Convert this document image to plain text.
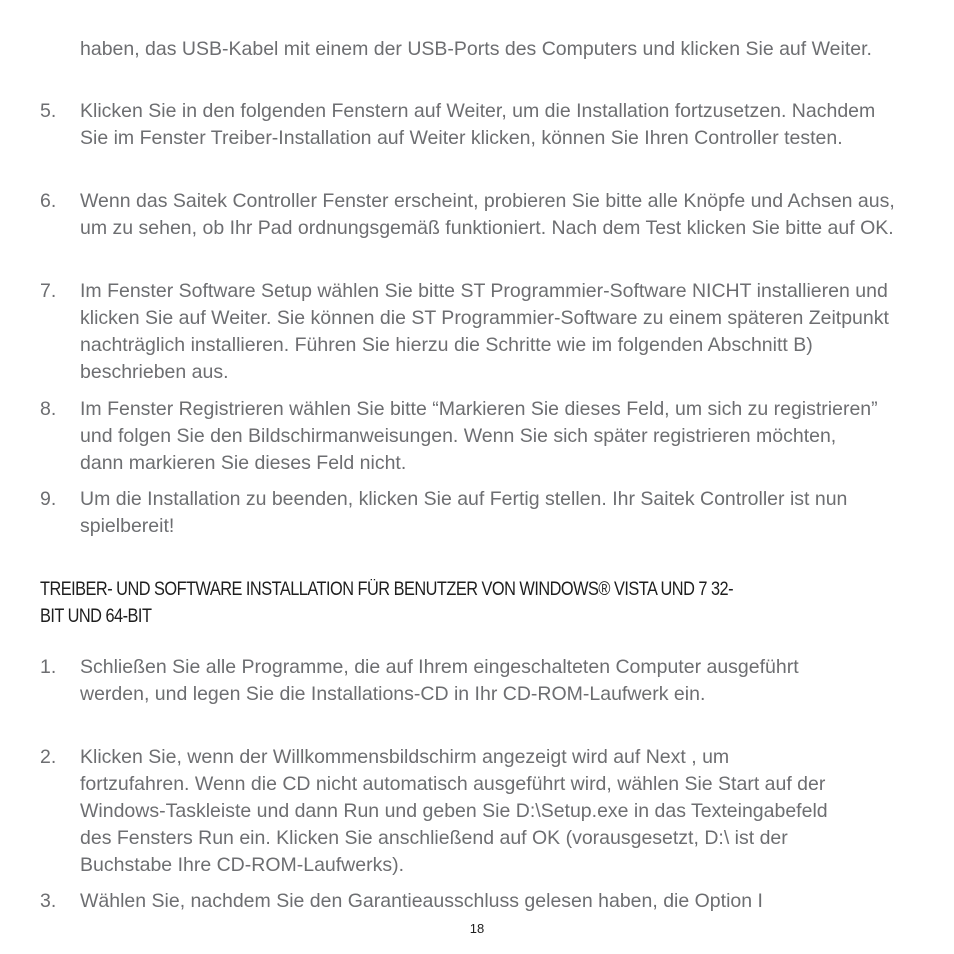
haben, das USB-Kabel mit einem der USB-Ports des Computers und klicken Sie auf Weiter.

5. Klicken Sie in den folgenden Fenstern auf Weiter, um die Installation fortzusetzen. Nachdem Sie im Fenster Treiber-Installation auf Weiter klicken, können Sie Ihren Controller testen.
6. Wenn das Saitek Controller Fenster erscheint, probieren Sie bitte alle Knöpfe und Achsen aus, um zu sehen, ob Ihr Pad ordnungsgemäß funktioniert. Nach dem Test klicken Sie bitte auf OK.
7. Im Fenster Software Setup wählen Sie bitte ST Programmier-Software NICHT installieren und klicken Sie auf Weiter. Sie können die ST Programmier-Software zu einem späteren Zeitpunkt nachträglich installieren. Führen Sie hierzu die Schritte wie im folgenden Abschnitt B) beschrieben aus.
8. Im Fenster Registrieren wählen Sie bitte “Markieren Sie dieses Feld, um sich zu registrieren” und folgen Sie den Bildschirmanweisungen. Wenn Sie sich später registrieren möchten, dann markieren Sie dieses Feld nicht.
9. Um die Installation zu beenden, klicken Sie auf Fertig stellen. Ihr Saitek Controller ist nun spielbereit!
TREIBER- UND SOFTWARE INSTALLATION FÜR BENUTZER VON WINDOWS® VISTA UND 7 32-
BIT UND 64-BIT
1. Schließen Sie alle Programme, die auf Ihrem eingeschalteten Computer ausgeführt werden, und legen Sie die Installations-CD in Ihr CD-ROM-Laufwerk ein.
2. Klicken Sie, wenn der Willkommensbildschirm angezeigt wird auf Next , um fortzufahren. Wenn die CD nicht automatisch ausgeführt wird, wählen Sie Start auf der Windows-Taskleiste und dann Run und geben Sie D:\Setup.exe in das Texteingabefeld des Fensters Run ein. Klicken Sie anschließend auf OK (vorausgesetzt, D:\ ist der Buchstabe Ihre CD-ROM-Laufwerks).
3. Wählen Sie, nachdem Sie den Garantieausschluss gelesen haben, die Option I
18
